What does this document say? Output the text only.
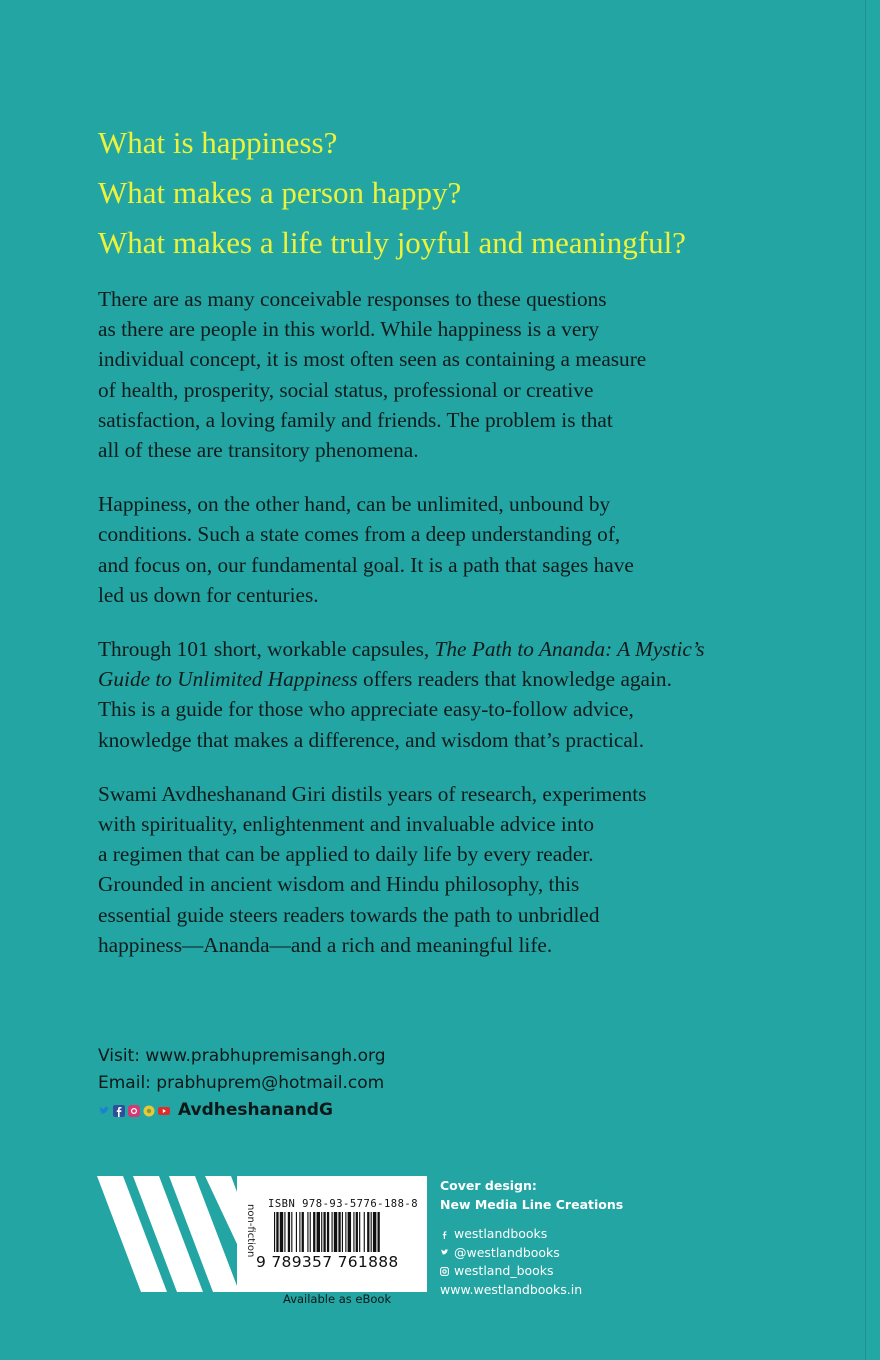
What is happiness?
What makes a person happy?
What makes a life truly joyful and meaningful?

There are as many conceivable responses to these questions
as there are people in this world. While happiness is a very
individual concept, it is most often seen as containing a measure
of health, prosperity, social status, professional or creative
satisfaction, a loving family and friends. The problem is that
all of these are transitory phenomena.

Happiness, on the other hand, can be unlimited, unbound by
conditions. Such a state comes from a deep understanding of,
and focus on, our fundamental goal. It is a path that sages have
led us down for centuries.

Through 101 short, workable capsules, The Path to Ananda: A Mystic’s
Guide to Unlimited Happiness offers readers that knowledge again.
This is a guide for those who appreciate easy-to-follow advice,
knowledge that makes a difference, and wisdom that’s practical.

Swami Avdheshanand Giri distils years of research, experiments
with spirituality, enlightenment and invaluable advice into
a regimen that can be applied to daily life by every reader.
Grounded in ancient wisdom and Hindu philosophy, this
essential guide steers readers towards the path to unbridled
happiness—Ananda—and a rich and meaningful life.

Visit: www.prabhupremisangh.org
Email: prabhuprem@hotmail.com
AvdheshanandG
non-fiction ISBN 978-93-5776-188-8
9 789357 761888
Available as eBook
Cover design:
New Media Line Creations
westlandbooks
@westlandbooks
westland_books
www.westlandbooks.in
